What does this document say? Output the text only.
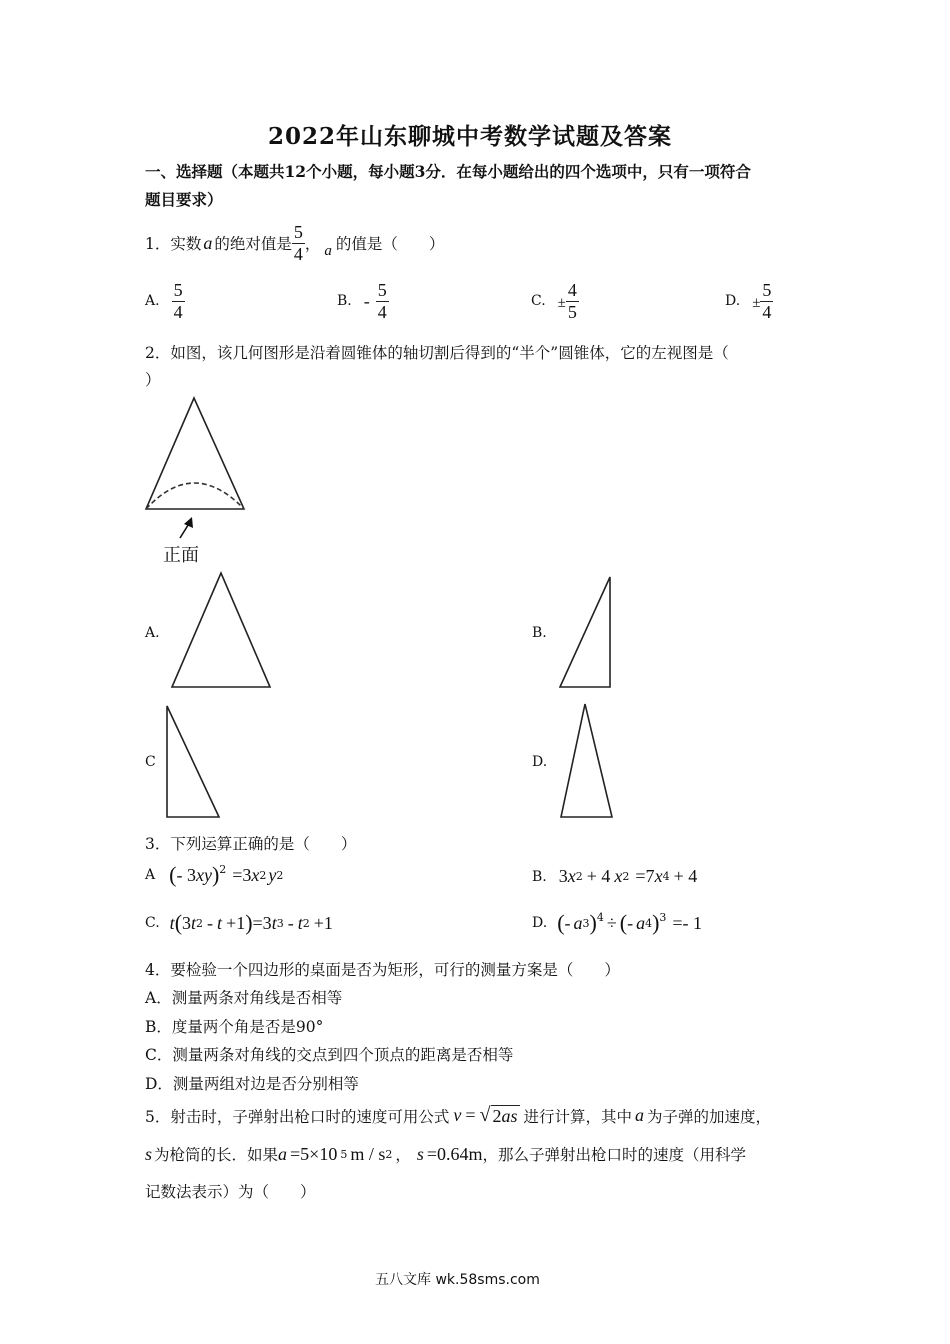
2022年山东聊城中考数学试题及答案
一、选择题（本题共12个小题，每小题3分．在每小题给出的四个选项中，只有一项符合
题目要求）
1．实数 a 的绝对值是 $\frac{5}{4}$ ， a 的值是（　　）
A. $\frac{5}{4}$	B. - $\frac{5}{4}$	C. ± $\frac{4}{5}$	D. ± $\frac{5}{4}$
2．如图，该几何图形是沿着圆锥体的轴切割后得到的“半个”圆锥体，它的左视图是（
）
正面
A.	B.
C	D.
3．下列运算正确的是（　　）
A ( - 3 xy )$^2$ =3 x 2 y 2	B. 3 x 2 + 4 x 2 =7 x 4 + 4
C. t ( 3 t 2 - t +1 ) =3 t 3 - t 2 +1	D. ( - a 3 )$^4$ ÷ ( - a 4 )$^3$ =- 1
4．要检验一个四边形的桌面是否为矩形，可行的测量方案是（　　）
A．测量两条对角线是否相等
B．度量两个角是否是90°
C．测量两条对角线的交点到四个顶点的距离是否相等
D．测量两组对边是否分别相等
5．射击时，子弹射出枪口时的速度可用公式 v = √ 2as 进行计算，其中 a 为子弹的加速度，
s 为枪筒的长．如果 a =5×10 5 m / s 2 ， s =0.64m ，那么子弹射出枪口时的速度（用科学
记数法表示）为（　　）
五八文库 wk.58sms.com
